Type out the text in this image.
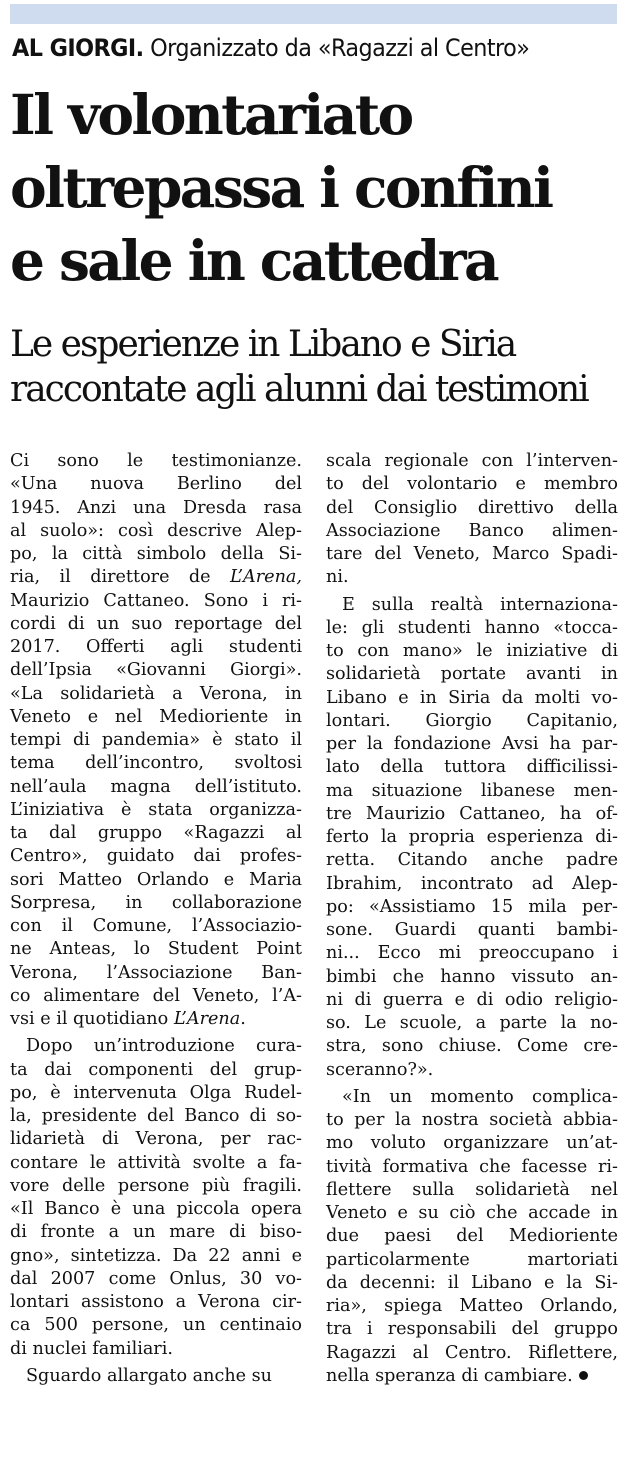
AL GIORGI. Organizzato da «Ragazzi al Centro»
Il volontariato
oltrepassa i confini
e sale in cattedra
Le esperienze in Libano e Siria
raccontate agli alunni dai testimoni
Ci sono le testimonianze.
«Una nuova Berlino del
1945. Anzi una Dresda rasa
al suolo»: così descrive Alep-
po, la città simbolo della Si-
ria, il direttore de L’Arena,
Maurizio Cattaneo. Sono i ri-
cordi di un suo reportage del
2017. Offerti agli studenti
dell’Ipsia «Giovanni Giorgi».
«La solidarietà a Verona, in
Veneto e nel Medioriente in
tempi di pandemia» è stato il
tema dell’incontro, svoltosi
nell’aula magna dell’istituto.
L’iniziativa è stata organizza-
ta dal gruppo «Ragazzi al
Centro», guidato dai profes-
sori Matteo Orlando e Maria
Sorpresa, in collaborazione
con il Comune, l’Associazio-
ne Anteas, lo Student Point
Verona, l’Associazione Ban-
co alimentare del Veneto, l’A-
vsi e il quotidiano L’Arena.
Dopo un’introduzione cura-
ta dai componenti del grup-
po, è intervenuta Olga Rudel-
la, presidente del Banco di so-
lidarietà di Verona, per rac-
contare le attività svolte a fa-
vore delle persone più fragili.
«Il Banco è una piccola opera
di fronte a un mare di biso-
gno», sintetizza. Da 22 anni e
dal 2007 come Onlus, 30 vo-
lontari assistono a Verona cir-
ca 500 persone, un centinaio
di nuclei familiari.
Sguardo allargato anche su
scala regionale con l’interven-
to del volontario e membro
del Consiglio direttivo della
Associazione Banco alimen-
tare del Veneto, Marco Spadi-
ni.
E sulla realtà internaziona-
le: gli studenti hanno «tocca-
to con mano» le iniziative di
solidarietà portate avanti in
Libano e in Siria da molti vo-
lontari. Giorgio Capitanio,
per la fondazione Avsi ha par-
lato della tuttora difficilissi-
ma situazione libanese men-
tre Maurizio Cattaneo, ha of-
ferto la propria esperienza di-
retta. Citando anche padre
Ibrahim, incontrato ad Alep-
po: «Assistiamo 15 mila per-
sone. Guardi quanti bambi-
ni... Ecco mi preoccupano i
bimbi che hanno vissuto an-
ni di guerra e di odio religio-
so. Le scuole, a parte la no-
stra, sono chiuse. Come cre-
sceranno?».
«In un momento complica-
to per la nostra società abbia-
mo voluto organizzare un’at-
tività formativa che facesse ri-
flettere sulla solidarietà nel
Veneto e su ciò che accade in
due paesi del Medioriente
particolarmente martoriati
da decenni: il Libano e la Si-
ria», spiega Matteo Orlando,
tra i responsabili del gruppo
Ragazzi al Centro. Riflettere,
nella speranza di cambiare.
